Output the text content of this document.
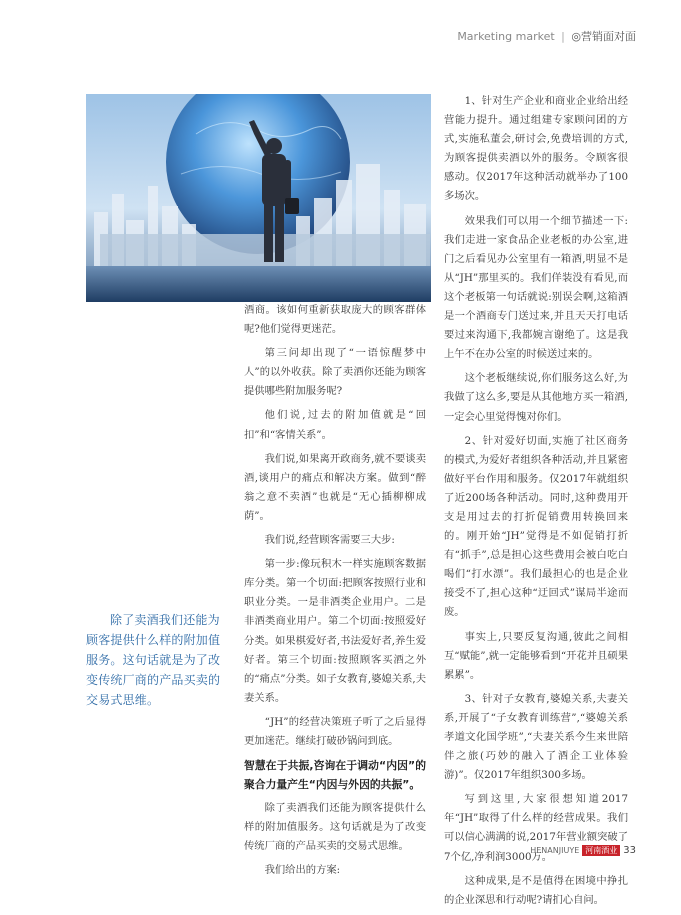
Marketing market | ◎营销面对面

除了卖酒我们还能为顾客提供什么样的附加值服务。这句话就是为了改变传统厂商的产品买卖的交易式思维。

酒商。该如何重新获取庞大的顾客群体呢?他们觉得更迷茫。

第三问却出现了“一语惊醒梦中人”的以外收获。除了卖酒你还能为顾客提供哪些附加服务呢?

他们说,过去的附加值就是“回扣”和“客情关系”。

我们说,如果离开政商务,就不要谈卖酒,谈用户的痛点和解决方案。做到“醉翁之意不卖酒”也就是“无心插柳柳成荫”。

我们说,经营顾客需要三大步:

第一步:像玩积木一样实施顾客数据库分类。第一个切面:把顾客按照行业和职业分类。一是非酒类企业用户。二是非酒类商业用户。第二个切面:按照爱好分类。如果棋爱好者,书法爱好者,养生爱好者。第三个切面:按照顾客买酒之外的“痛点”分类。如子女教育,婆媳关系,夫妻关系。

“JH”的经营决策班子听了之后显得更加迷茫。继续打破砂锅问到底。

智慧在于共振,咨询在于调动“内因”的聚合力量产生“内因与外因的共振”。

除了卖酒我们还能为顾客提供什么样的附加值服务。这句话就是为了改变传统厂商的产品买卖的交易式思维。

我们给出的方案:

1、针对生产企业和商业企业给出经营能力提升。通过组建专家顾问团的方式,实施私董会,研讨会,免费培训的方式,为顾客提供卖酒以外的服务。令顾客很感动。仅2017年这种活动就举办了100多场次。

效果我们可以用一个细节描述一下:我们走进一家食品企业老板的办公室,进门之后看见办公室里有一箱酒,明显不是从“JH”那里买的。我们佯装没有看见,而这个老板第一句话就说:别误会啊,这箱酒是一个酒商专门送过来,并且天天打电话要过来沟通下,我都婉言谢绝了。这是我上午不在办公室的时候送过来的。

这个老板继续说,你们服务这么好,为我做了这么多,要是从其他地方买一箱酒,一定会心里觉得愧对你们。

2、针对爱好切面,实施了社区商务的模式,为爱好者组织各种活动,并且紧密做好平台作用和服务。仅2017年就组织了近200场各种活动。同时,这种费用开支是用过去的打折促销费用转换回来的。刚开始“JH”觉得是不如促销打折有“抓手”,总是担心这些费用会被白吃白喝们“打水漂”。我们最担心的也是企业接受不了,担心这种“迂回式”谋局半途而废。

事实上,只要反复沟通,彼此之间相互“赋能”,就一定能够看到“开花并且硕果累累”。

3、针对子女教育,婆媳关系,夫妻关系,开展了“子女教育训练营”,“婆媳关系孝道文化国学班”,“夫妻关系今生来世陪伴之旅(巧妙的融入了酒企工业体验游)”。仅2017年组织300多场。

写到这里,大家很想知道2017年“JH”取得了什么样的经营成果。我们可以信心满满的说,2017年营业额突破了7个亿,净利润3000万。

这种成果,是不是值得在困境中挣扎的企业深思和行动呢?请扪心自问。

HENANJIUYE 河南酒业 33
